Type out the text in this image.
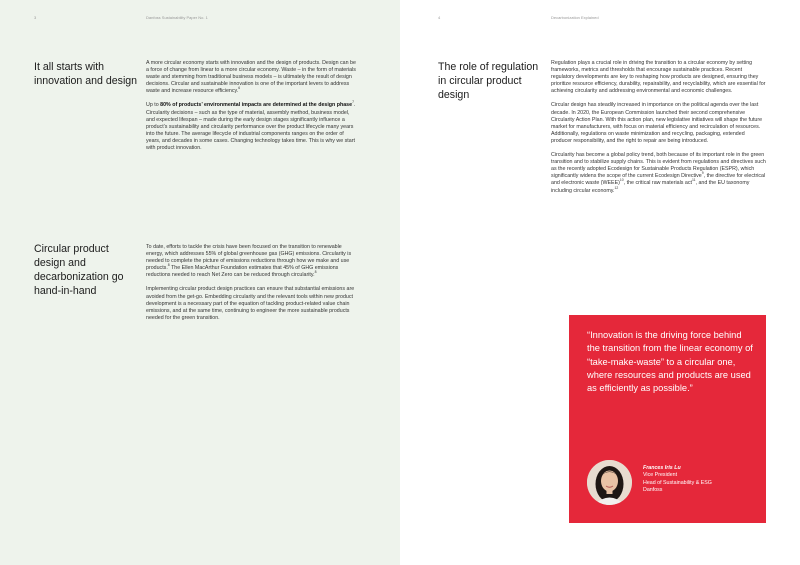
3	Danfoss Sustainability Paper No. 1
It all starts with
innovation and design

A more circular economy starts with innovation and the design of products. Design can be a force of change from linear to a more circular economy. Waste – in the form of materials waste and stemming from traditional business models – is ultimately the result of design decisions. Circular and sustainable innovation is one of the important levers to address waste and increase resource efficiency.$^6$

Up to 80% of products’ environmental impacts are determined at the design phase$^7$. Circularity decisions – such as the type of material, assembly method, business model, and expected lifespan – made during the early design stages significantly influence a product’s sustainability and circularity performance over the product lifecycle many years into the future. The average lifecycle of industrial components ranges on the order of years, and decades in some cases. Changing technology takes time. This is why we start with product innovation.

Circular product
design and
decarbonization go
hand-in-hand

To date, efforts to tackle the crisis have been focused on the transition to renewable energy, which addresses 55% of global greenhouse gas (GHG) emissions. Circularity is needed to complete the picture of emissions reductions through how we make and use products.$^8$ The Ellen MacArthur Foundation estimates that 45% of GHG emissions reductions needed to reach Net Zero can be reduced through circularity.$^8$

Implementing circular product design practices can ensure that substantial emissions are avoided from the get-go. Embedding circularity and the relevant tools within new product development is a necessary part of the equation of tackling product-related value chain emissions, and at the same time, continuing to engineer the more sustainable products needed for the green transition.

4	Decarbonization Explained
The role of regulation
in circular product
design

Regulation plays a crucial role in driving the transition to a circular economy by setting frameworks, metrics and thresholds that encourage sustainable practices. Recent regulatory developments are key to reshaping how products are designed, ensuring they prioritize resource efficiency, durability, repairability, and recyclability, which are essential for achieving circularity and addressing environmental and economic challenges.

Circular design has steadily increased in importance on the political agenda over the last decade. In 2020, the European Commission launched their second comprehensive Circularity Action Plan. With this action plan, new legislative initiatives will shape the future market for manufacturers, with focus on material efficiency and recirculation of resources. Additionally, regulations on waste minimization and recycling, packaging, extended producer responsibility, and the right to repair are being introduced.

Circularity has become a global policy trend, both because of its important role in the green transition and to stabilize supply chains. This is evident from regulations and directives such as the recently adopted Ecodesign for Sustainable Products Regulation (ESPR), which significantly widens the scope of the current Ecodesign Directive$^9$, the directive for electrical and electronic waste (WEEE)$^{10}$, the critical raw materials act$^{11}$, and the EU taxonomy including circular economy.$^{12}$

“Innovation is the driving force behind the transition from the linear economy of “take-make-waste” to a circular one, where resources and products are used as efficiently as possible.”
Frances Iris Lu
Vice President
Head of Sustainability & ESG
Danfoss
